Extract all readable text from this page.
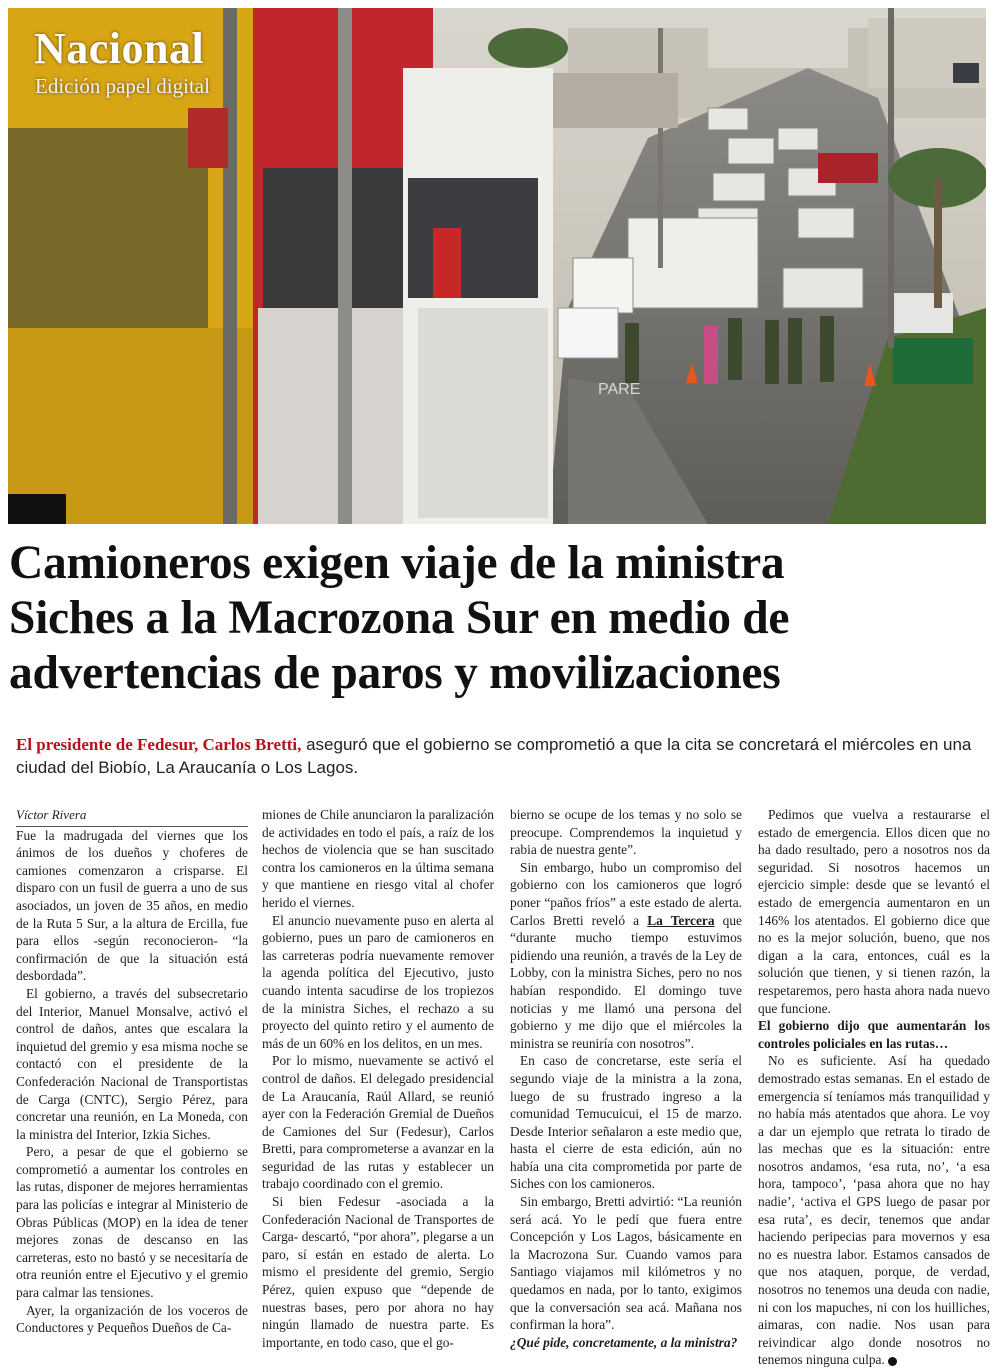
PARE
Nacional
Edición papel digital
Camioneros exigen viaje de la ministra
Siches a la Macrozona Sur en medio de
advertencias de paros y movilizaciones

El presidente de Fedesur, Carlos Bretti, aseguró que el gobierno se comprometió a que la cita se concretará el miércoles en una ciudad del Biobío, La Araucanía o Los Lagos.

Víctor Rivera

Fue la madrugada del viernes que los ánimos de los dueños y choferes de camiones comenzaron a crisparse. El disparo con un fusil de guerra a uno de sus asociados, un joven de 35 años, en medio de la Ruta 5 Sur, a la altura de Ercilla, fue para ellos -según reconocieron- “la confirmación de que la situación está desbordada”.

El gobierno, a través del subsecretario del Interior, Manuel Monsalve, activó el control de daños, antes que escalara la inquietud del gremio y esa misma noche se contactó con el presidente de la Confederación Nacional de Transportistas de Carga (CNTC), Sergio Pérez, para concretar una reunión, en La Moneda, con la ministra del Interior, Izkia Siches.

Pero, a pesar de que el gobierno se comprometió a aumentar los controles en las rutas, disponer de mejores herramientas para las policías e integrar al Ministerio de Obras Públicas (MOP) en la idea de tener mejores zonas de descanso en las carreteras, esto no bastó y se necesitaría de otra reunión entre el Ejecutivo y el gremio para calmar las tensiones.

Ayer, la organización de los voceros de Conductores y Pequeños Dueños de Ca-

miones de Chile anunciaron la paralización de actividades en todo el país, a raíz de los hechos de violencia que se han suscitado contra los camioneros en la última semana y que mantiene en riesgo vital al chofer herido el viernes.

El anuncio nuevamente puso en alerta al gobierno, pues un paro de camioneros en las carreteras podría nuevamente remover la agenda política del Ejecutivo, justo cuando intenta sacudirse de los tropiezos de la ministra Siches, el rechazo a su proyecto del quinto retiro y el aumento de más de un 60% en los delitos, en un mes.

Por lo mismo, nuevamente se activó el control de daños. El delegado presidencial de La Araucanía, Raúl Allard, se reunió ayer con la Federación Gremial de Dueños de Camiones del Sur (Fedesur), Carlos Bretti, para comprometerse a avanzar en la seguridad de las rutas y establecer un trabajo coordinado con el gremio.

Si bien Fedesur -asociada a la Confederación Nacional de Transportes de Carga- descartó, “por ahora”, plegarse a un paro, sí están en estado de alerta. Lo mismo el presidente del gremio, Sergio Pérez, quien expuso que “depende de nuestras bases, pero por ahora no hay ningún llamado de nuestra parte. Es importante, en todo caso, que el go-

bierno se ocupe de los temas y no solo se preocupe. Comprendemos la inquietud y rabia de nuestra gente”.

Sin embargo, hubo un compromiso del gobierno con los camioneros que logró poner “paños fríos” a este estado de alerta. Carlos Bretti reveló a La Tercera que “durante mucho tiempo estuvimos pidiendo una reunión, a través de la Ley de Lobby, con la ministra Siches, pero no nos habían respondido. El domingo tuve noticias y me llamó una persona del gobierno y me dijo que el miércoles la ministra se reuniría con nosotros”.

En caso de concretarse, este sería el segundo viaje de la ministra a la zona, luego de su frustrado ingreso a la comunidad Temucuicui, el 15 de marzo. Desde Interior señalaron a este medio que, hasta el cierre de esta edición, aún no había una cita comprometida por parte de Siches con los camioneros.

Sin embargo, Bretti advirtió: “La reunión será acá. Yo le pedí que fuera entre Concepción y Los Lagos, básicamente en la Macrozona Sur. Cuando vamos para Santiago viajamos mil kilómetros y no quedamos en nada, por lo tanto, exigimos que la conversación sea acá. Mañana nos confirman la hora”.

¿Qué pide, concretamente, a la ministra?

Pedimos que vuelva a restaurarse el estado de emergencia. Ellos dicen que no ha dado resultado, pero a nosotros nos da seguridad. Si nosotros hacemos un ejercicio simple: desde que se levantó el estado de emergencia aumentaron en un 146% los atentados. El gobierno dice que no es la mejor solución, bueno, que nos digan a la cara, entonces, cuál es la solución que tienen, y si tienen razón, la respetaremos, pero hasta ahora nada nuevo que funcione.

El gobierno dijo que aumentarán los controles policiales en las rutas…

No es suficiente. Así ha quedado demostrado estas semanas. En el estado de emergencia sí teníamos más tranquilidad y no había más atentados que ahora. Le voy a dar un ejemplo que retrata lo tirado de las mechas que es la situación: entre nosotros andamos, ‘esa ruta, no’, ‘a esa hora, tampoco’, ‘pasa ahora que no hay nadie’, ‘activa el GPS luego de pasar por esa ruta’, es decir, tenemos que andar haciendo peripecias para movernos y esa no es nuestra labor. Estamos cansados de que nos ataquen, porque, de verdad, nosotros no tenemos una deuda con nadie, ni con los mapuches, ni con los huilliches, aimaras, con nadie. Nos usan para reivindicar algo donde nosotros no tenemos ninguna culpa.
